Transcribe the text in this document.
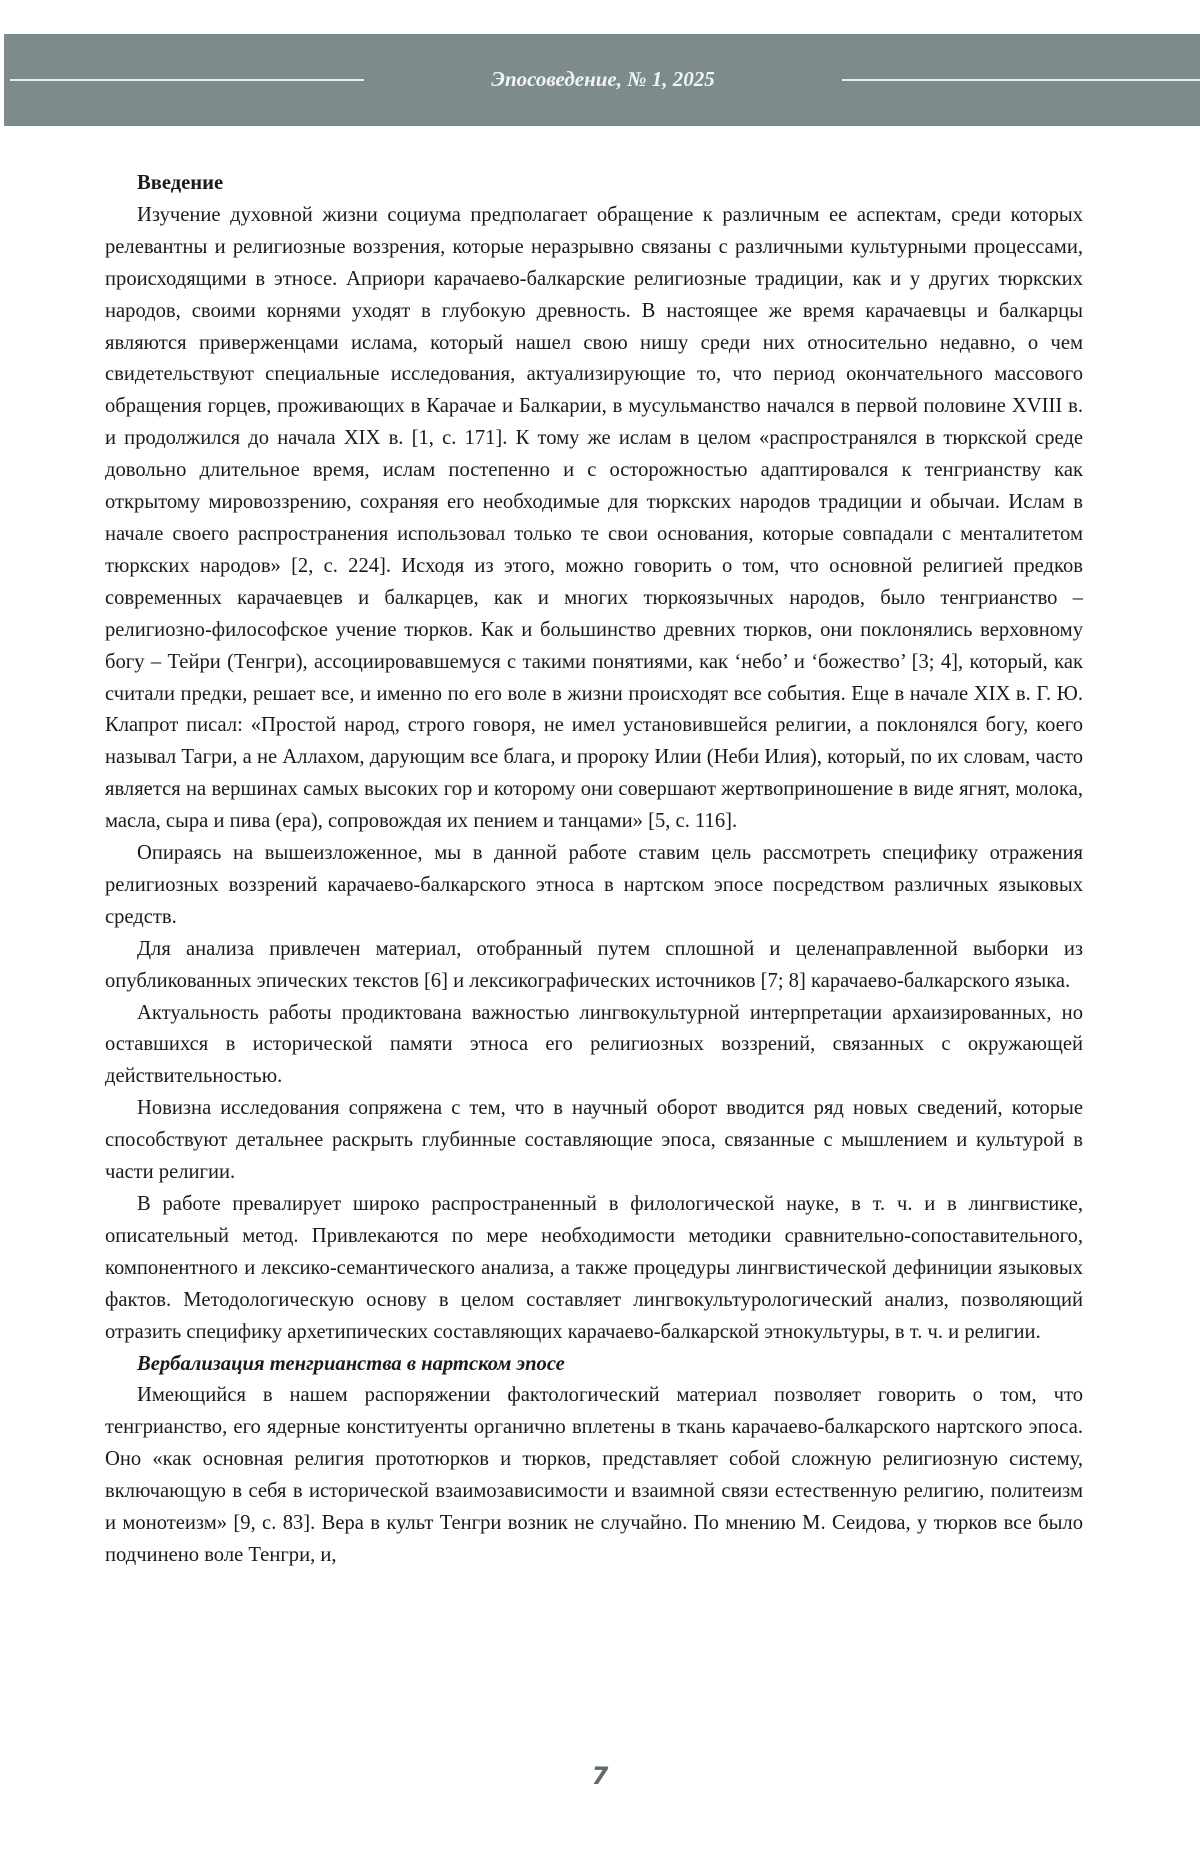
Эпосоведение, № 1, 2025
Введение

Изучение духовной жизни социума предполагает обращение к различным ее аспектам, среди которых релевантны и религиозные воззрения, которые неразрывно связаны с различными культурными процессами, происходящими в этносе. Априори карачаево-балкарские религиозные традиции, как и у других тюркских народов, своими корнями уходят в глубокую древность. В настоящее же время карачаевцы и балкарцы являются приверженцами ислама, который нашел свою нишу среди них относительно недавно, о чем свидетельствуют специальные исследования, актуализирующие то, что период окончательного массового обращения горцев, проживающих в Карачае и Балкарии, в мусульманство начался в первой половине XVIII в. и продолжился до начала XIX в. [1, с. 171]. К тому же ислам в целом «распространялся в тюркской среде довольно длительное время, ислам постепенно и с осторожностью адаптировался к тенгрианству как открытому мировоззрению, сохраняя его необходимые для тюркских народов традиции и обычаи. Ислам в начале своего распространения использовал только те свои основания, которые совпадали с менталитетом тюркских народов» [2, с. 224]. Исходя из этого, можно говорить о том, что основной религией предков современных карачаевцев и балкарцев, как и многих тюркоязычных народов, было тенгрианство – религиозно-философское учение тюрков. Как и большинство древних тюрков, они поклонялись верховному богу – Тейри (Тенгри), ассоциировавшемуся с такими понятиями, как ‘небо’ и ‘божество’ [3; 4], который, как считали предки, решает все, и именно по его воле в жизни происходят все события. Еще в начале XIX в. Г. Ю. Клапрот писал: «Простой народ, строго говоря, не имел установившейся религии, а поклонялся богу, коего называл Тагри, а не Аллахом, дарующим все блага, и пророку Илии (Неби Илия), который, по их словам, часто является на вершинах самых высоких гор и которому они совершают жертвоприношение в виде ягнят, молока, масла, сыра и пива (ера), сопровождая их пением и танцами» [5, с. 116].

Опираясь на вышеизложенное, мы в данной работе ставим цель рассмотреть специфику отражения религиозных воззрений карачаево-балкарского этноса в нартском эпосе посредством различных языковых средств.

Для анализа привлечен материал, отобранный путем сплошной и целенаправленной выборки из опубликованных эпических текстов [6] и лексикографических источников [7; 8] карачаево-балкарского языка.

Актуальность работы продиктована важностью лингвокультурной интерпретации архаизированных, но оставшихся в исторической памяти этноса его религиозных воззрений, связанных с окружающей действительностью.

Новизна исследования сопряжена с тем, что в научный оборот вводится ряд новых сведений, которые способствуют детальнее раскрыть глубинные составляющие эпоса, связанные с мышлением и культурой в части религии.

В работе превалирует широко распространенный в филологической науке, в т. ч. и в лингвистике, описательный метод. Привлекаются по мере необходимости методики сравнительно-сопоставительного, компонентного и лексико-семантического анализа, а также процедуры лингвистической дефиниции языковых фактов. Методологическую основу в целом составляет лингвокультурологический анализ, позволяющий отразить специфику архетипических составляющих карачаево-балкарской этнокультуры, в т. ч. и религии.

Вербализация тенгрианства в нартском эпосе

Имеющийся в нашем распоряжении фактологический материал позволяет говорить о том, что тенгрианство, его ядерные конституенты органично вплетены в ткань карачаево-балкарского нартского эпоса. Оно «как основная религия прототюрков и тюрков, представляет собой сложную религиозную систему, включающую в себя в исторической взаимозависимости и взаимной связи естественную религию, политеизм и монотеизм» [9, с. 83]. Вера в культ Тенгри возник не случайно. По мнению М. Сеидова, у тюрков все было подчинено воле Тенгри, и,

7
